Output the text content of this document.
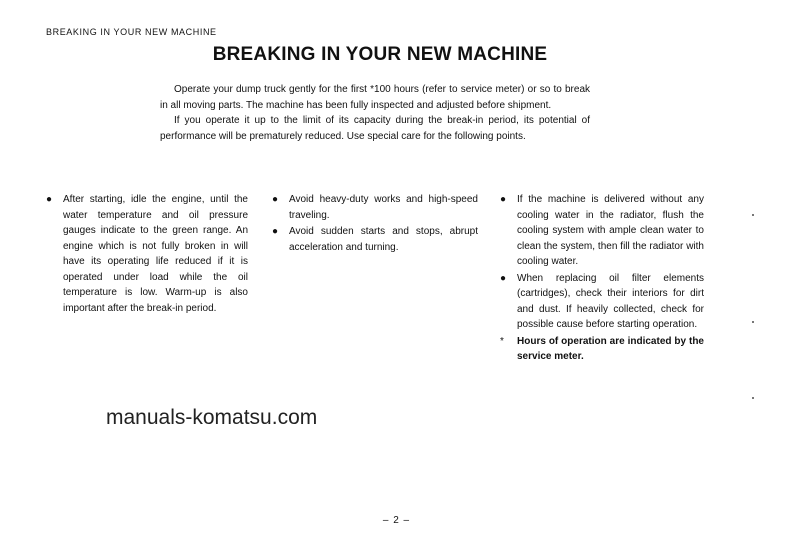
BREAKING IN YOUR NEW MACHINE
BREAKING IN YOUR NEW MACHINE

Operate your dump truck gently for the first *100 hours (refer to service meter) or so to break in all moving parts. The machine has been fully inspected and adjusted before shipment.

If you operate it up to the limit of its capacity during the break-in period, its potential of performance will be prematurely reduced. Use special care for the following points.

● After starting, idle the engine, until the water temperature and oil pressure gauges indicate to the green range. An engine which is not fully broken in will have its operating life reduced if it is operated under load while the oil temperature is low. Warm-up is also important after the break-in period.
● Avoid heavy-duty works and high-speed traveling.
● Avoid sudden starts and stops, abrupt acceleration and turning.
● If the machine is delivered without any cooling water in the radiator, flush the cooling system with ample clean water to clean the system, then fill the radiator with cooling water.
● When replacing oil filter elements (cartridges), check their interiors for dirt and dust. If heavily collected, check for possible cause before starting operation.
* Hours of operation are indicated by the service meter.
manuals-komatsu.com
– 2 –
